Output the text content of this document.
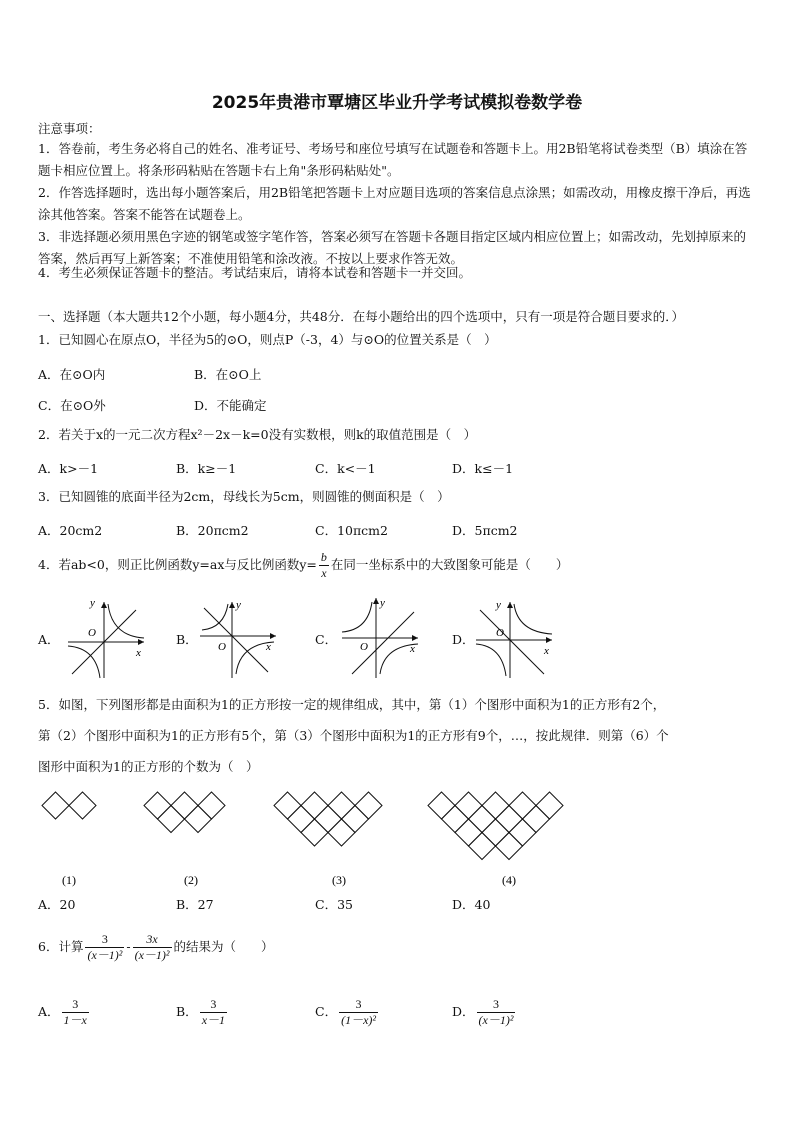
2025年贵港市覃塘区毕业升学考试模拟卷数学卷
注意事项：
1．答卷前，考生务必将自己的姓名、准考证号、考场号和座位号填写在试题卷和答题卡上。用2B铅笔将试卷类型（B）填涂在答题卡相应位置上。将条形码粘贴在答题卡右上角"条形码粘贴处"。
2．作答选择题时，选出每小题答案后，用2B铅笔把答题卡上对应题目选项的答案信息点涂黑；如需改动，用橡皮擦干净后，再选涂其他答案。答案不能答在试题卷上。
3．非选择题必须用黑色字迹的钢笔或签字笔作答，答案必须写在答题卡各题目指定区域内相应位置上；如需改动，先划掉原来的答案，然后再写上新答案；不准使用铅笔和涂改液。不按以上要求作答无效。
4．考生必须保证答题卡的整洁。考试结束后，请将本试卷和答题卡一并交回。
一、选择题（本大题共12个小题，每小题4分，共48分．在每小题给出的四个选项中，只有一项是符合题目要求的．）
1．已知圆心在原点O，半径为5的⊙O，则点P（-3，4）与⊙O的位置关系是（　）
A．在⊙O内	B．在⊙O上
C．在⊙O外	D．不能确定
2．若关于x的一元二次方程x²－2x－k=0没有实数根，则k的取值范围是（　）
A．k>－1	B．k≥－1	C．k<－1	D．k≤－1
3．已知圆锥的底面半径为2cm，母线长为5cm，则圆锥的侧面积是（　）
A．20cm2	B．20πcm2	C．10πcm2	D．5πcm2
4．若ab<0，则正比例函数y=ax与反比例函数$y= \frac{b}{x}$ 在同一坐标系中的大致图象可能是（　　）
A．
x
y
O	B．	x
y
O	C．
x
y
O	D．
x
y
O
5．如图，下列图形都是由面积为1的正方形按一定的规律组成，其中，第（1）个图形中面积为1的正方形有2个，
第（2）个图形中面积为1的正方形有5个，第（3）个图形中面积为1的正方形有9个，…，按此规律．则第（6）个
图形中面积为1的正方形的个数为（　）
(1)	(2)	(3)	(4)
A．20	B．27	C．35	D．40
6．计算 $\frac{3}{\text{(x－1)²}} - \frac{3x}{\text{(x－1)²}}$ 的结果为（　　）
A． $\frac{3}{1-x}$	B． $\frac{3}{x-1}$	C． $\frac{3}{\text{(1－x)²}}$	D． $\frac{3}{\text{(x－1)²}}$
